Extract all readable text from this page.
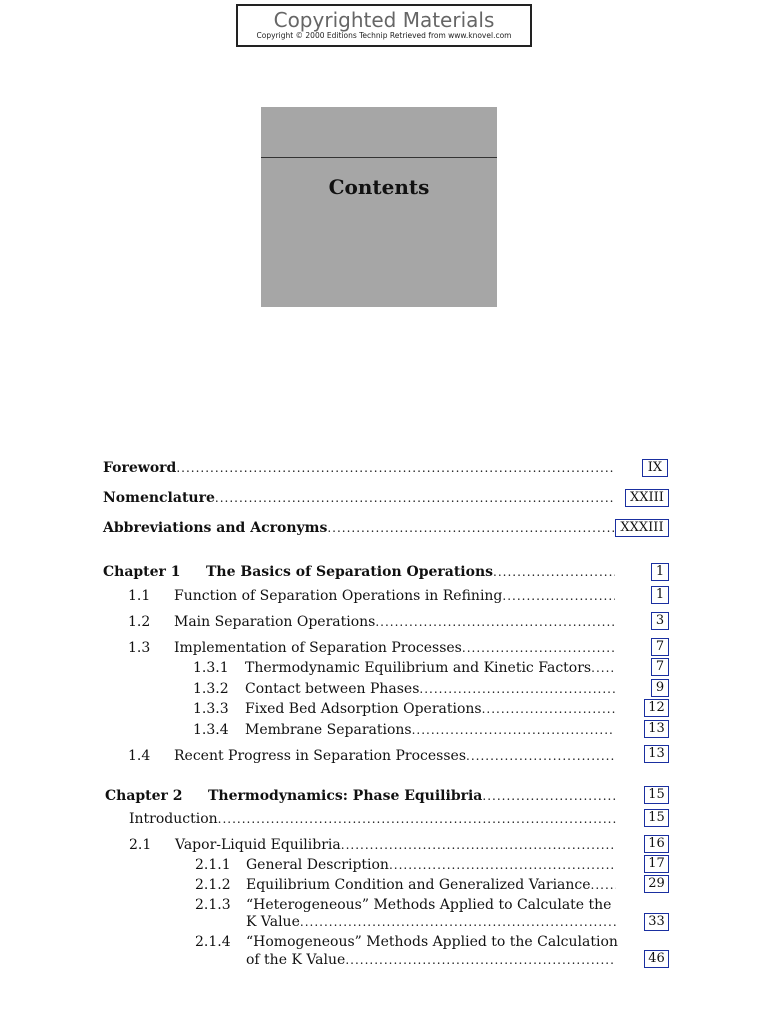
Copyrighted Materials
Copyright © 2000 Editions Technip Retrieved from www.knovel.com
Contents
Foreword .....	IX
Nomenclature .....	XXIII
Abbreviations and Acronyms .....	XXXIII
Chapter 1	The Basics of Separation Operations .....	1
1.1	Function of Separation Operations in Refining .....	1
1.2	Main Separation Operations .....	3
1.3	Implementation of Separation Processes .....	7
1.3.1	Thermodynamic Equilibrium and Kinetic Factors .....	7
1.3.2	Contact between Phases .....	9
1.3.3	Fixed Bed Adsorption Operations .....	12
1.3.4	Membrane Separations .....	13
1.4	Recent Progress in Separation Processes .....	13
Chapter 2	Thermodynamics: Phase Equilibria .....	15
Introduction .....	15
2.1	Vapor-Liquid Equilibria .....	16
2.1.1	General Description .....	17
2.1.2	Equilibrium Condition and Generalized Variance .....	29
2.1.3 “Heterogeneous” Methods Applied to Calculate the
K Value .....	33
2.1.4 “Homogeneous” Methods Applied to the Calculation
of the K Value .....	46
